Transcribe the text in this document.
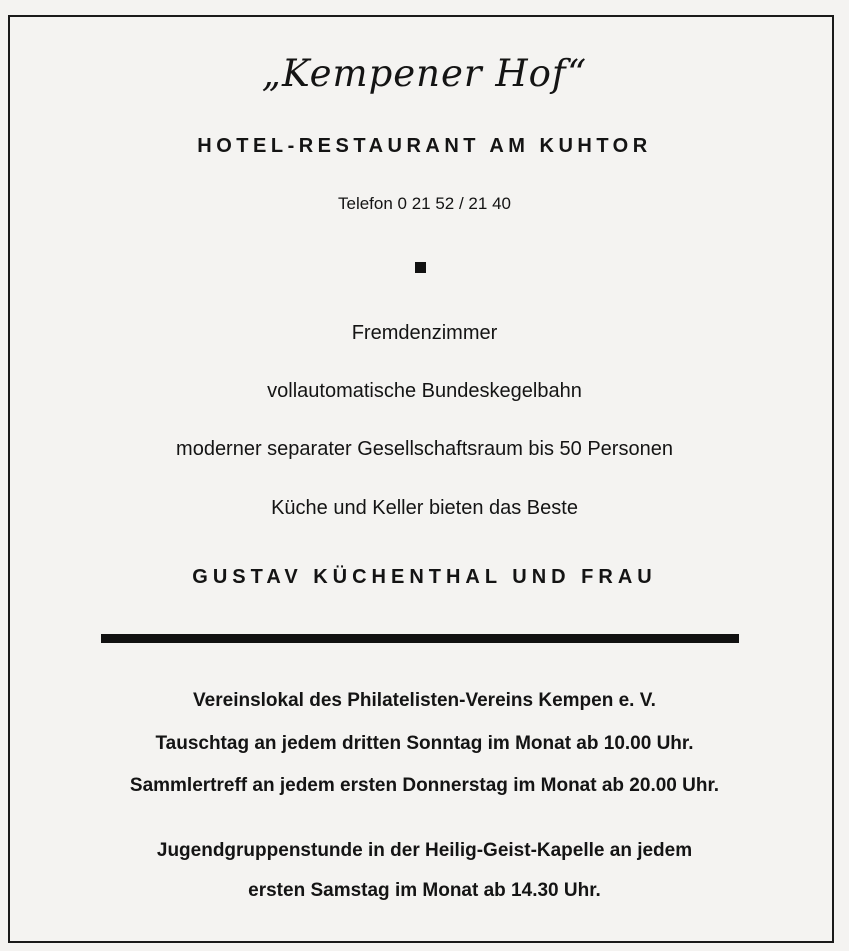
„Kempener Hof“
HOTEL-RESTAURANT AM KUHTOR
Telefon 0 21 52 / 21 40
Fremdenzimmer
vollautomatische Bundeskegelbahn
moderner separater Gesellschaftsraum bis 50 Personen
Küche und Keller bieten das Beste
GUSTAV KÜCHENTHAL UND FRAU
Vereinslokal des Philatelisten-Vereins Kempen e. V.
Tauschtag an jedem dritten Sonntag im Monat ab 10.00 Uhr.
Sammlertreff an jedem ersten Donnerstag im Monat ab 20.00 Uhr.
Jugendgruppenstunde in der Heilig-Geist-Kapelle an jedem
ersten Samstag im Monat ab 14.30 Uhr.
